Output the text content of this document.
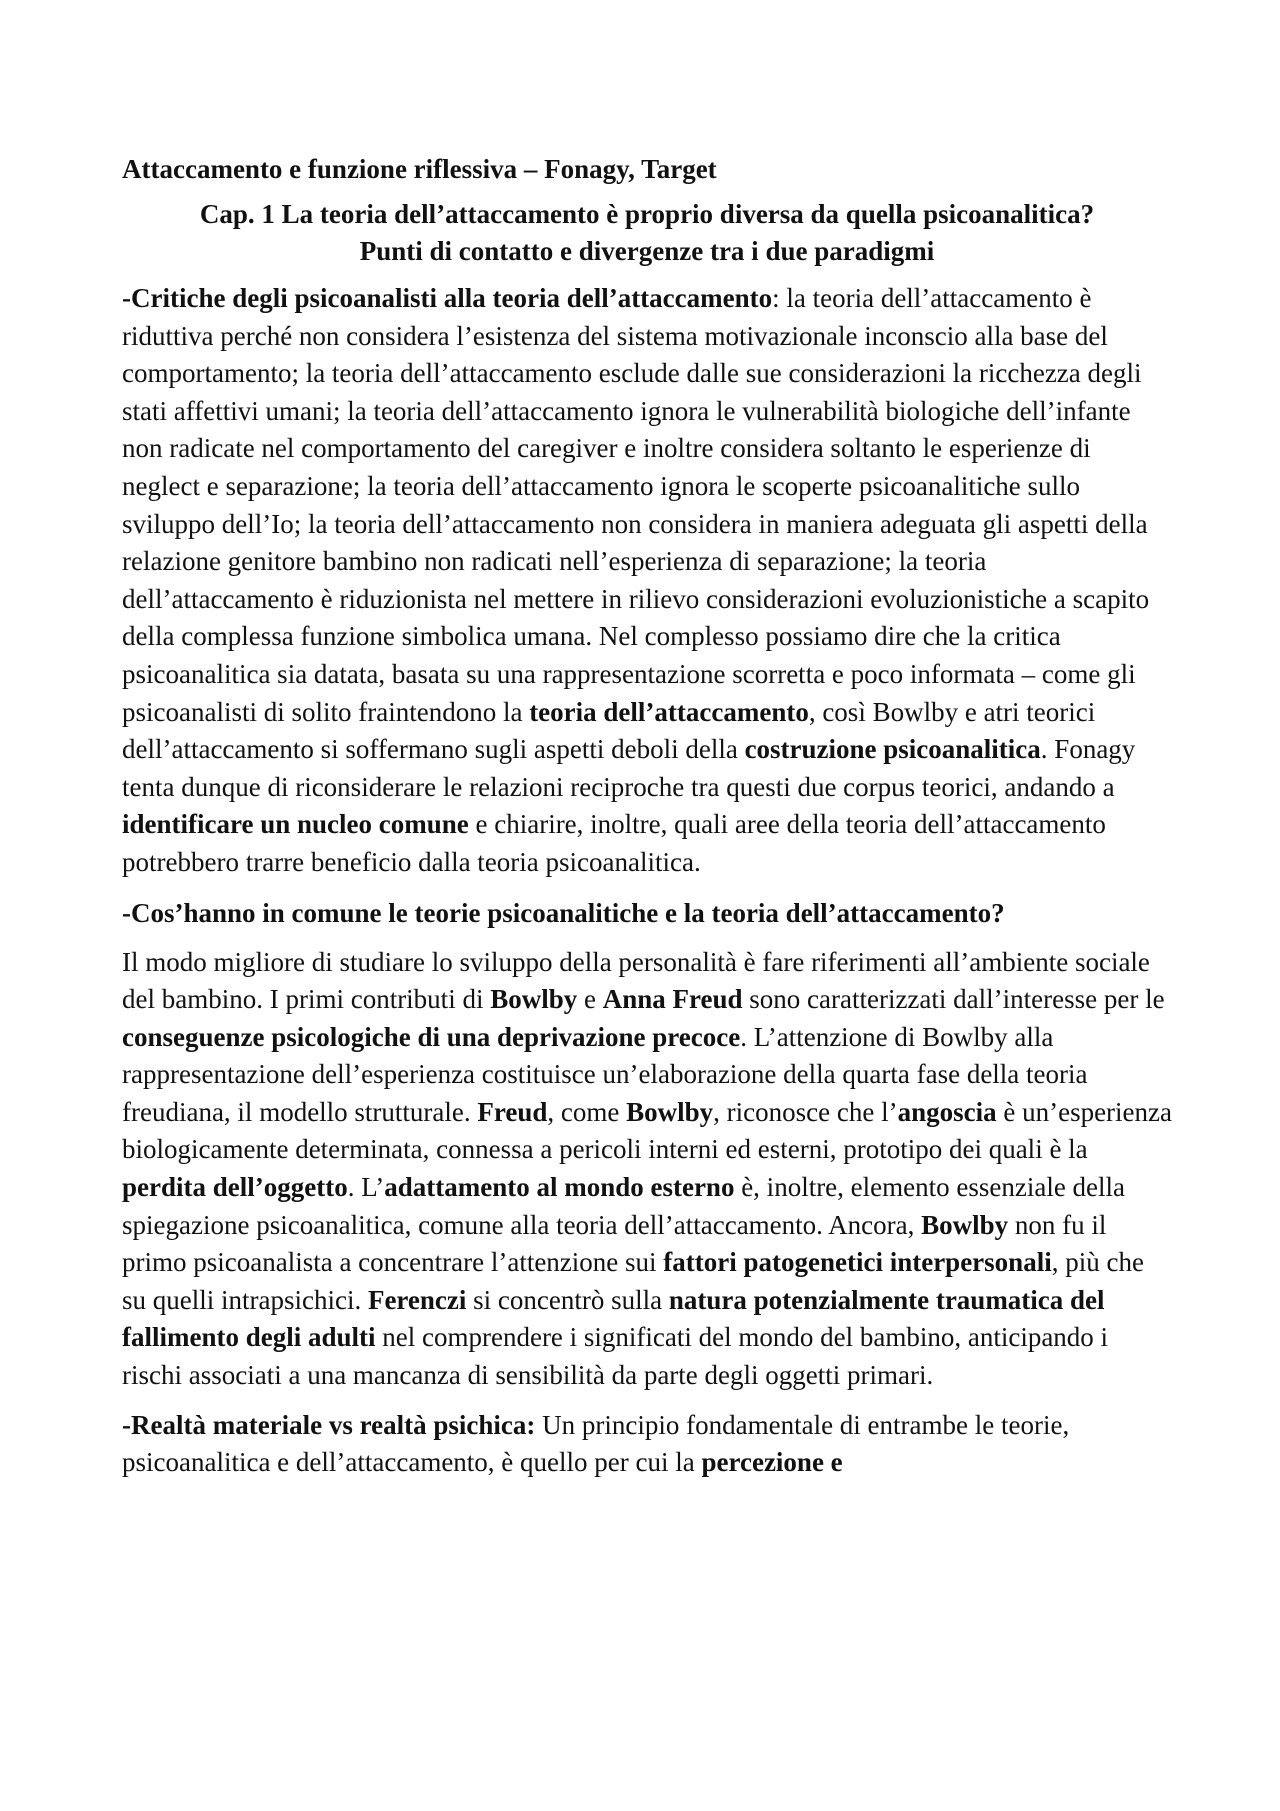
Attaccamento e funzione riflessiva – Fonagy, Target
Cap. 1 La teoria dell’attaccamento è proprio diversa da quella psicoanalitica?
Punti di contatto e divergenze tra i due paradigmi

-Critiche degli psicoanalisti alla teoria dell’attaccamento: la teoria dell’attaccamento è riduttiva perché non considera l’esistenza del sistema motivazionale inconscio alla base del comportamento; la teoria dell’attaccamento esclude dalle sue considerazioni la ricchezza degli stati affettivi umani; la teoria dell’attaccamento ignora le vulnerabilità biologiche dell’infante non radicate nel comportamento del caregiver e inoltre considera soltanto le esperienze di neglect e separazione; la teoria dell’attaccamento ignora le scoperte psicoanalitiche sullo sviluppo dell’Io; la teoria dell’attaccamento non considera in maniera adeguata gli aspetti della relazione genitore bambino non radicati nell’esperienza di separazione; la teoria dell’attaccamento è riduzionista nel mettere in rilievo considerazioni evoluzionistiche a scapito della complessa funzione simbolica umana. Nel complesso possiamo dire che la critica psicoanalitica sia datata, basata su una rappresentazione scorretta e poco informata – come gli psicoanalisti di solito fraintendono la teoria dell’attaccamento, così Bowlby e atri teorici dell’attaccamento si soffermano sugli aspetti deboli della costruzione psicoanalitica. Fonagy tenta dunque di riconsiderare le relazioni reciproche tra questi due corpus teorici, andando a identificare un nucleo comune e chiarire, inoltre, quali aree della teoria dell’attaccamento potrebbero trarre beneficio dalla teoria psicoanalitica.

-Cos’hanno in comune le teorie psicoanalitiche e la teoria dell’attaccamento?

Il modo migliore di studiare lo sviluppo della personalità è fare riferimenti all’ambiente sociale del bambino. I primi contributi di Bowlby e Anna Freud sono caratterizzati dall’interesse per le conseguenze psicologiche di una deprivazione precoce. L’attenzione di Bowlby alla rappresentazione dell’esperienza costituisce un’elaborazione della quarta fase della teoria freudiana, il modello strutturale. Freud, come Bowlby, riconosce che l’angoscia è un’esperienza biologicamente determinata, connessa a pericoli interni ed esterni, prototipo dei quali è la perdita dell’oggetto. L’adattamento al mondo esterno è, inoltre, elemento essenziale della spiegazione psicoanalitica, comune alla teoria dell’attaccamento. Ancora, Bowlby non fu il primo psicoanalista a concentrare l’attenzione sui fattori patogenetici interpersonali, più che su quelli intrapsichici. Ferenczi si concentrò sulla natura potenzialmente traumatica del fallimento degli adulti nel comprendere i significati del mondo del bambino, anticipando i rischi associati a una mancanza di sensibilità da parte degli oggetti primari.

-Realtà materiale vs realtà psichica: Un principio fondamentale di entrambe le teorie, psicoanalitica e dell’attaccamento, è quello per cui la percezione e
